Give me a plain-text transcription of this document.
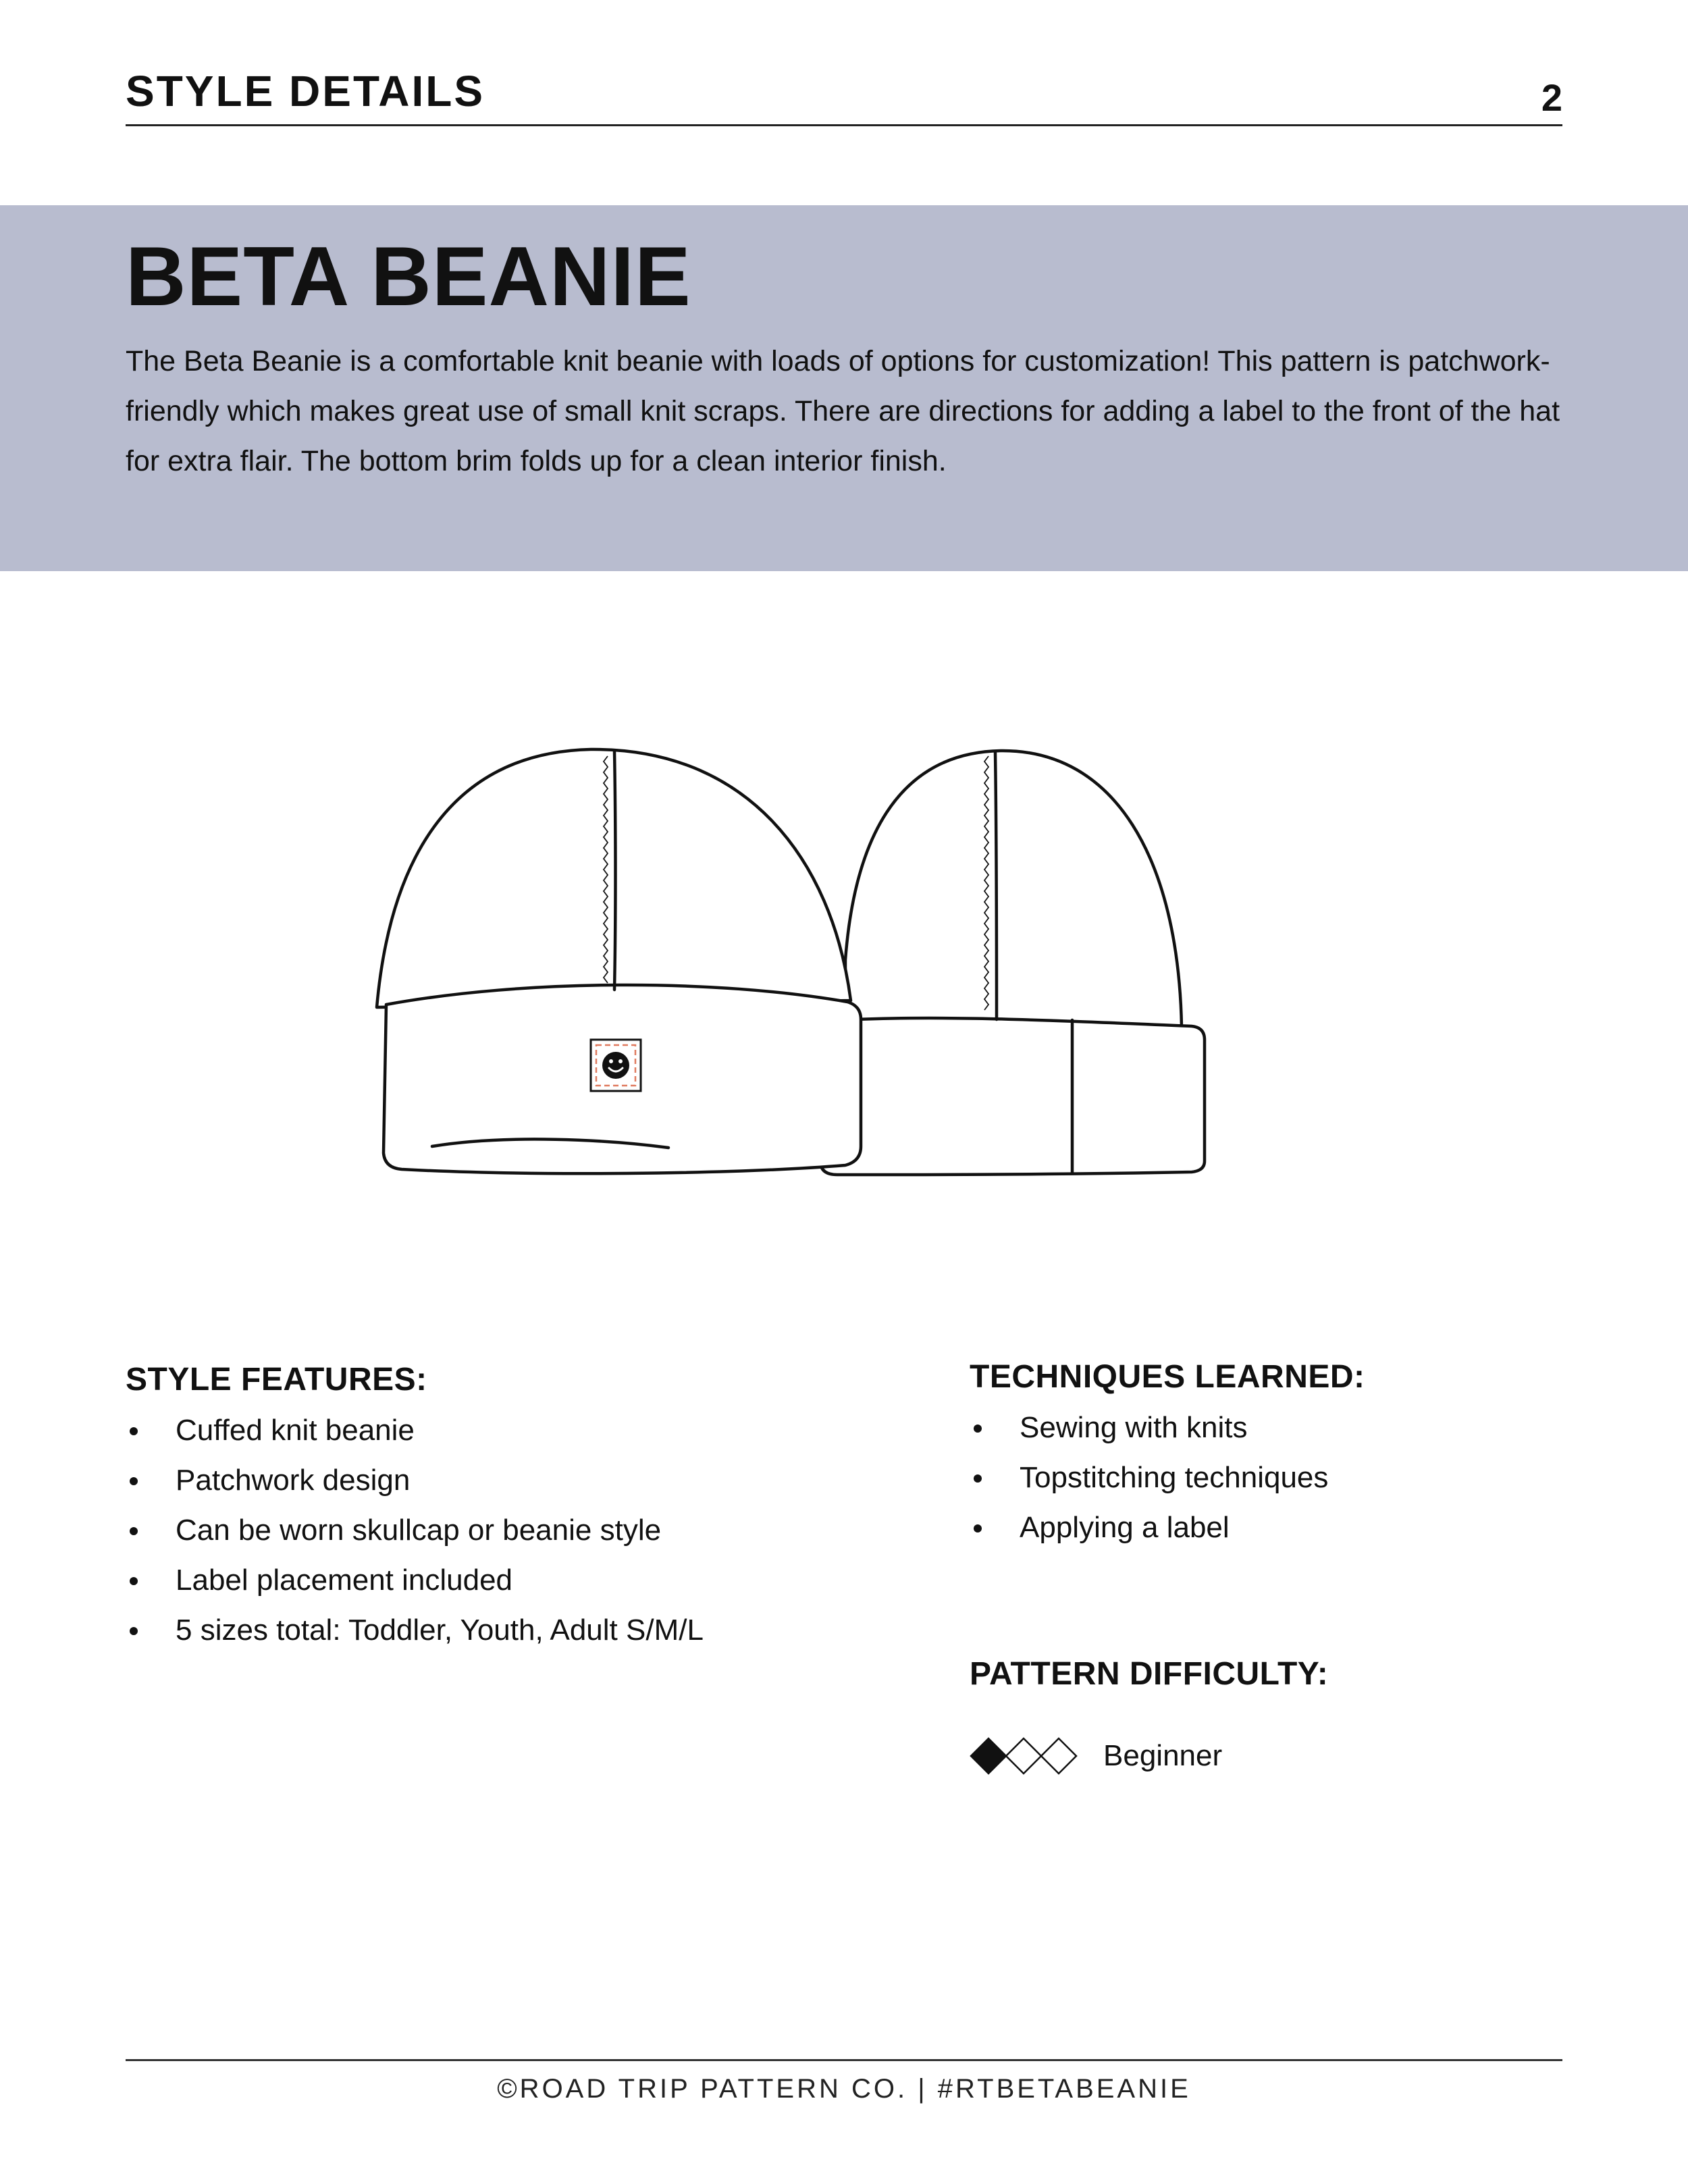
STYLE DETAILS	2
BETA BEANIE

The Beta Beanie is a comfortable knit beanie with loads of options for customization! This pattern is patchwork-friendly which makes great use of small knit scraps. There are directions for adding a label to the front of the hat for extra flair. The bottom brim folds up for a clean interior finish.

STYLE FEATURES:
Cuffed knit beanie
Patchwork design
Can be worn skullcap or beanie style
Label placement included
5 sizes total: Toddler, Youth, Adult S/M/L
TECHNIQUES LEARNED:
Sewing with knits
Topstitching techniques
Applying a label
PATTERN DIFFICULTY:
Beginner
©ROAD TRIP PATTERN CO. | #RTBETABEANIE
